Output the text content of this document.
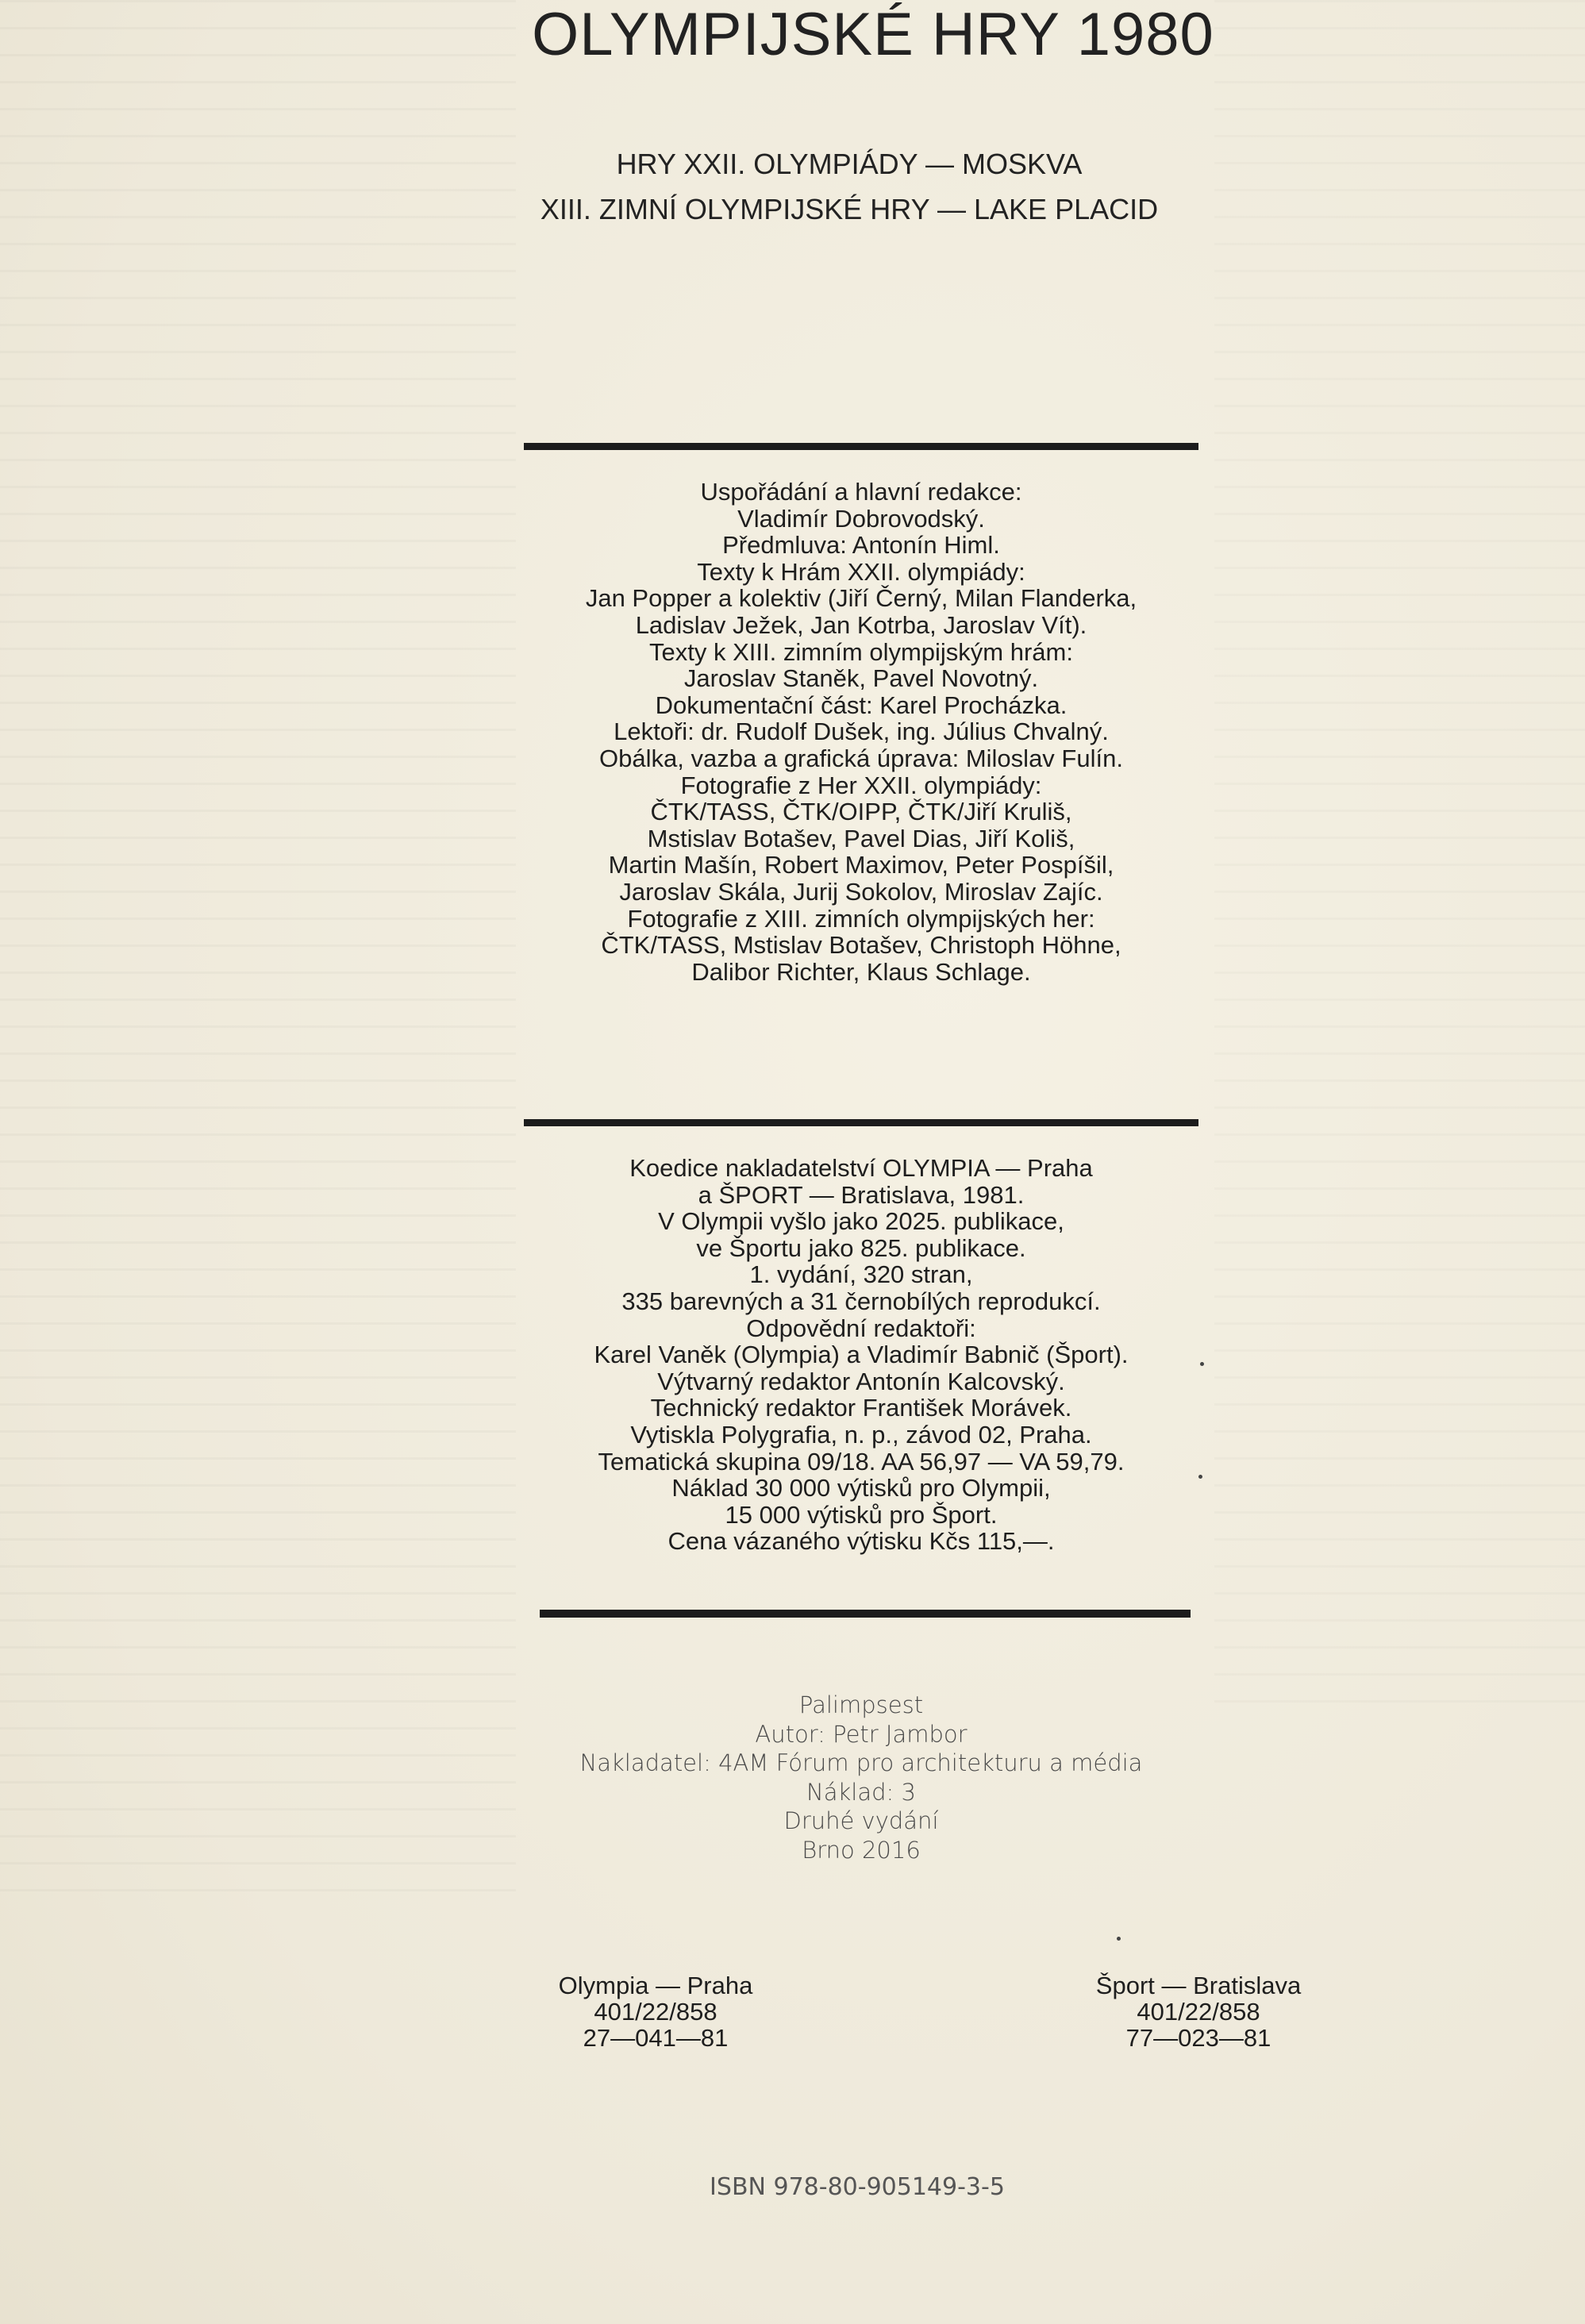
OLYMPIJSKÉ HRY 1980
HRY XXII. OLYMPIÁDY — MOSKVA
XIII. ZIMNÍ OLYMPIJSKÉ HRY — LAKE PLACID
Uspořádání a hlavní redakce:
Vladimír Dobrovodský.
Předmluva: Antonín Himl.
Texty k Hrám XXII. olympiády:
Jan Popper a kolektiv (Jiří Černý, Milan Flanderka,
Ladislav Ježek, Jan Kotrba, Jaroslav Vít).
Texty k XIII. zimním olympijským hrám:
Jaroslav Staněk, Pavel Novotný.
Dokumentační část: Karel Procházka.
Lektoři: dr. Rudolf Dušek, ing. Július Chvalný.
Obálka, vazba a grafická úprava: Miloslav Fulín.
Fotografie z Her XXII. olympiády:
ČTK/TASS, ČTK/OIPP, ČTK/Jiří Kruliš,
Mstislav Botašev, Pavel Dias, Jiří Koliš,
Martin Mašín, Robert Maximov, Peter Pospíšil,
Jaroslav Skála, Jurij Sokolov, Miroslav Zajíc.
Fotografie z XIII. zimních olympijských her:
ČTK/TASS, Mstislav Botašev, Christoph Höhne,
Dalibor Richter, Klaus Schlage.
Koedice nakladatelství OLYMPIA — Praha
a ŠPORT — Bratislava, 1981.
V Olympii vyšlo jako 2025. publikace,
ve Športu jako 825. publikace.
1. vydání, 320 stran,
335 barevných a 31 černobílých reprodukcí.
Odpovědní redaktoři:
Karel Vaněk (Olympia) a Vladimír Babnič (Šport).
Výtvarný redaktor Antonín Kalcovský.
Technický redaktor František Morávek.
Vytiskla Polygrafia, n. p., závod 02, Praha.
Tematická skupina 09/18. AA 56,97 — VA 59,79.
Náklad 30 000 výtisků pro Olympii,
15 000 výtisků pro Šport.
Cena vázaného výtisku Kčs 115,—.
Palimpsest
Autor: Petr Jambor
Nakladatel: 4AM Fórum pro architekturu a média
Náklad: 3
Druhé vydání
Brno 2016
Olympia — Praha
401/22/858
27—041—81
Šport — Bratislava
401/22/858
77—023—81
ISBN 978-80-905149-3-5
